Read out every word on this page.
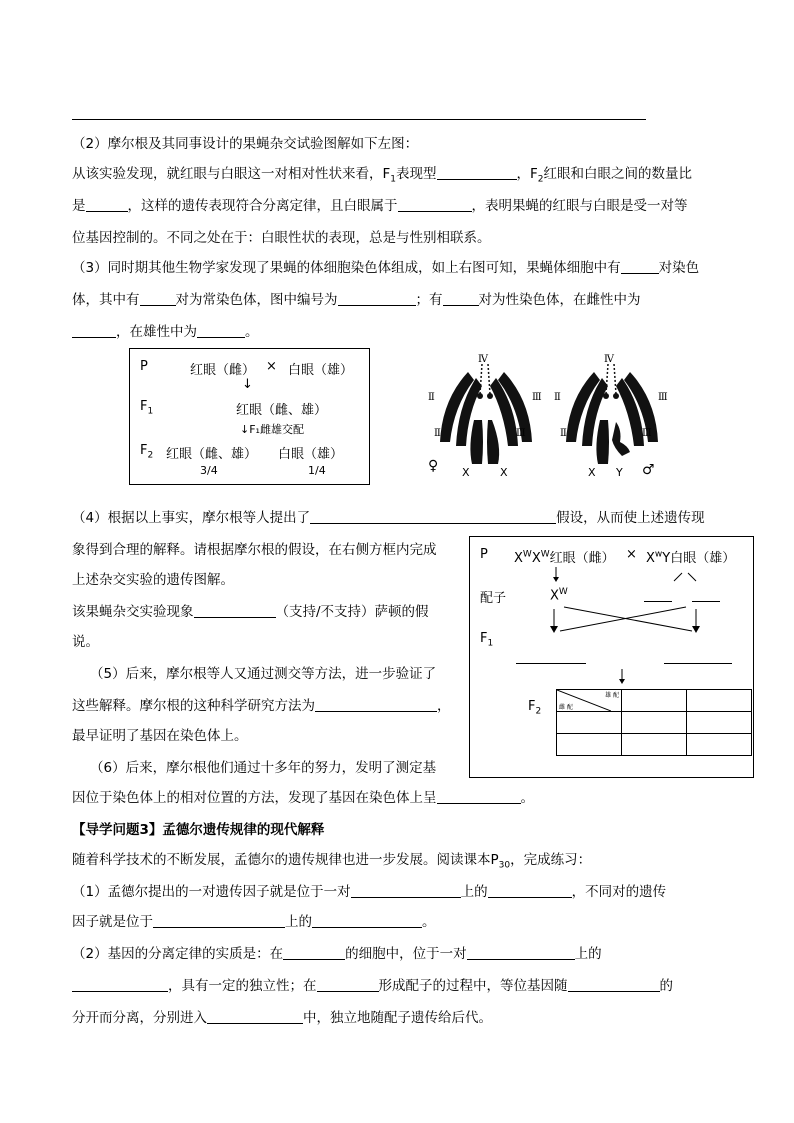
（2）摩尔根及其同事设计的果蝇杂交试验图解如下左图：
从该实验发现，就红眼与白眼这一对相对性状来看，$F_1$表现型	，$F_2$红眼和白眼之间的数量比
是	，这样的遗传表现符合分离定律，且白眼属于	，表明果蝇的红眼与白眼是受一对等
位基因控制的。不同之处在于：白眼性状的表现，总是与性别相联系。
（3）同时期其他生物学家发现了果蝇的体细胞染色体组成，如上右图可知，果蝇体细胞中有	对染色
体，其中有	对为常染色体，图中编号为	；有	对为性染色体，在雌性中为
，在雄性中为	。
P	红眼（雌） × 白眼（雄）
↓
$F_1$	红眼（雌、雄）
↓F₁雌雄交配
$F_2$ 红眼（雌、雄） 白眼（雄）
3/4	1/4
Ⅳ
Ⅱ
Ⅱ
Ⅲ
Ⅲ
♀ X	X
Ⅳ
Ⅱ
Ⅱ
Ⅲ
Ⅲ
X Y ♂
（4）根据以上事实，摩尔根等人提出了	假设，从而使上述遗传现
象得到合理的解释。请根据摩尔根的假设，在右侧方框内完成
上述杂交实验的遗传图解。
该果蝇杂交实验现象	（支持/不支持）萨顿的假
说。
（5）后来，摩尔根等人又通过测交等方法，进一步验证了
这些解释。摩尔根的这种科学研究方法为	，
最早证明了基因在染色体上。
（6）后来，摩尔根他们通过十多年的努力，发明了测定基
因位于染色体上的相对位置的方法，发现了基因在染色体上呈	。
P $X^WX^W$红眼（雌） × $X^wY$白眼（雄）
配子	$X^W$
$F_1$
$F_2$
雄 配
雌 配		

【导学问题3】孟德尔遗传规律的现代解释
随着科学技术的不断发展，孟德尔的遗传规律也进一步发展。阅读课本$P_{30}$，完成练习：
（1）孟德尔提出的一对遗传因子就是位于一对	上的	，不同对的遗传
因子就是位于	上的	。
（2）基因的分离定律的实质是：在	的细胞中，位于一对	上的
，具有一定的独立性；在	形成配子的过程中，等位基因随	的
分开而分离，分别进入	中，独立地随配子遗传给后代。
